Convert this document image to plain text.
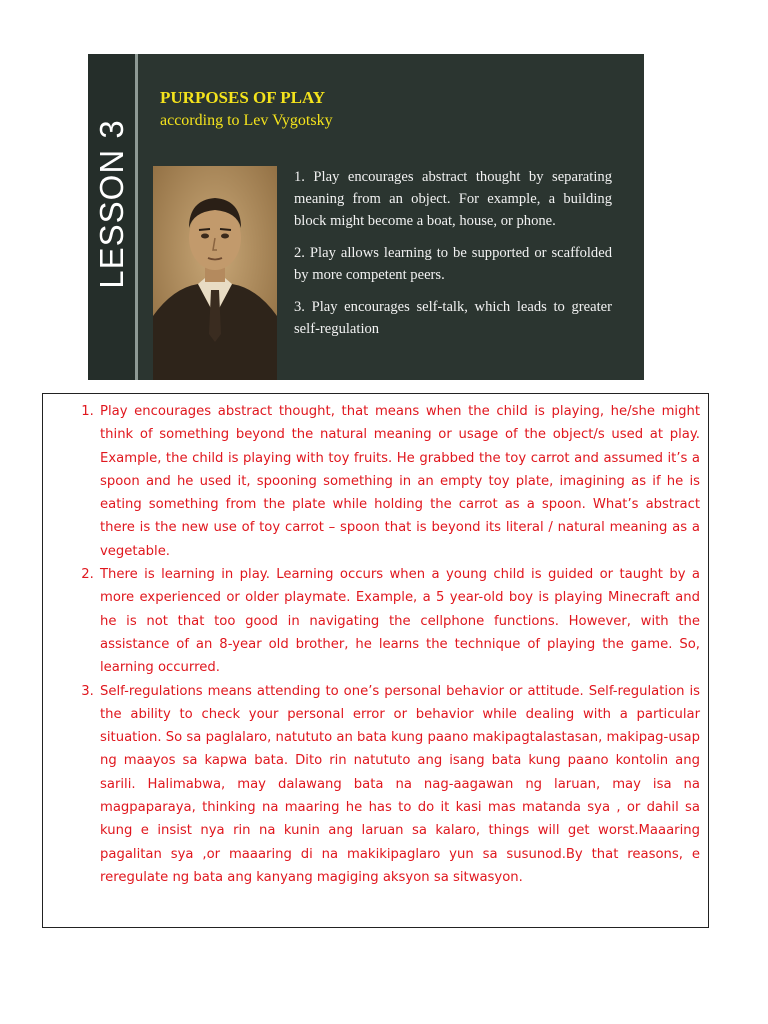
LESSON 3
PURPOSES OF PLAY
according to Lev Vygotsky

1. Play encourages abstract thought by separating meaning from an object. For example, a building block might become a boat, house, or phone.

2. Play allows learning to be supported or scaffolded by more competent peers.

3. Play encourages self-talk, which leads to greater self-regulation

1. Play encourages abstract thought, that means when the child is playing, he/she might think of something beyond the natural meaning or usage of the object/s used at play. Example, the child is playing with toy fruits. He grabbed the toy carrot and assumed it’s a spoon and he used it, spooning something in an empty toy plate, imagining as if he is eating something from the plate while holding the carrot as a spoon. What’s abstract there is the new use of toy carrot – spoon that is beyond its literal / natural meaning as a vegetable.
2. There is learning in play. Learning occurs when a young child is guided or taught by a more experienced or older playmate. Example, a 5 year-old boy is playing Minecraft and he is not that too good in navigating the cellphone functions. However, with the assistance of an 8-year old brother, he learns the technique of playing the game. So, learning occurred.
3. Self-regulations means attending to one’s personal behavior or attitude. Self-regulation is the ability to check your personal error or behavior while dealing with a particular situation. So sa paglalaro, natututo an bata kung paano makipagtalastasan, makipag-usap ng maayos sa kapwa bata. Dito rin natututo ang isang bata kung paano kontolin ang sarili. Halimabwa, may dalawang bata na nag-aagawan ng laruan, may isa na magpaparaya, thinking na maaring he has to do it kasi mas matanda sya , or dahil sa kung e insist nya rin na kunin ang laruan sa kalaro, things will get worst.Maaaring pagalitan sya ,or maaaring di na makikipaglaro yun sa susunod.By that reasons, e reregulate ng bata ang kanyang magiging aksyon sa sitwasyon.
